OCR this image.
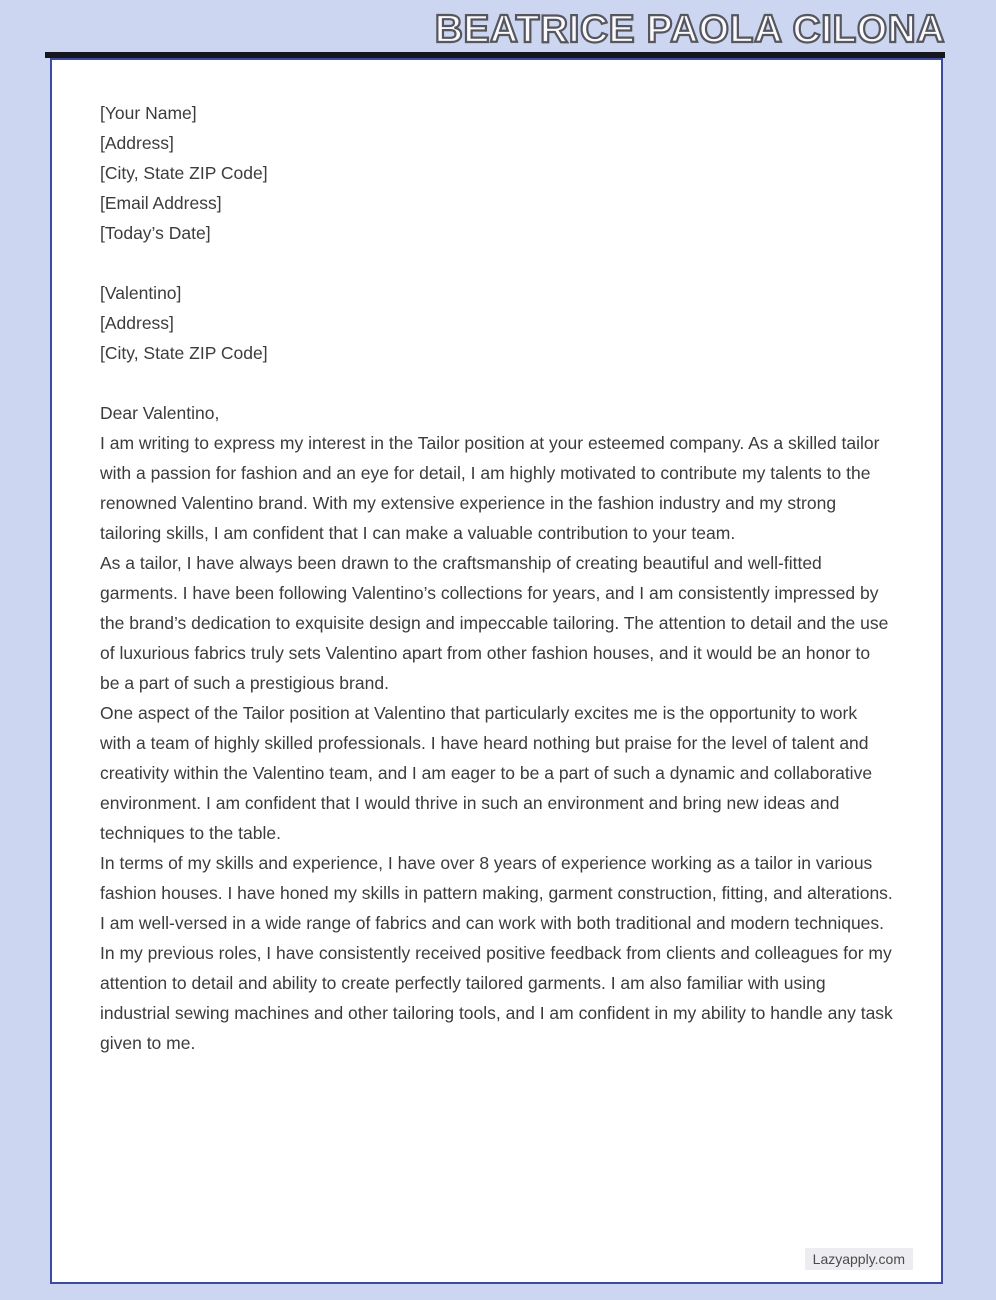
BEATRICE PAOLA CILONA

[Your Name]

[Address]

[City, State ZIP Code]

[Email Address]

[Today’s Date]

[Valentino]

[Address]

[City, State ZIP Code]

Dear Valentino,

I am writing to express my interest in the Tailor position at your esteemed company. As a skilled tailor with a passion for fashion and an eye for detail, I am highly motivated to contribute my talents to the renowned Valentino brand. With my extensive experience in the fashion industry and my strong tailoring skills, I am confident that I can make a valuable contribution to your team.

As a tailor, I have always been drawn to the craftsmanship of creating beautiful and well-fitted garments. I have been following Valentino’s collections for years, and I am consistently impressed by the brand’s dedication to exquisite design and impeccable tailoring. The attention to detail and the use of luxurious fabrics truly sets Valentino apart from other fashion houses, and it would be an honor to be a part of such a prestigious brand.

One aspect of the Tailor position at Valentino that particularly excites me is the opportunity to work with a team of highly skilled professionals. I have heard nothing but praise for the level of talent and creativity within the Valentino team, and I am eager to be a part of such a dynamic and collaborative environment. I am confident that I would thrive in such an environment and bring new ideas and techniques to the table.

In terms of my skills and experience, I have over 8 years of experience working as a tailor in various fashion houses. I have honed my skills in pattern making, garment construction, fitting, and alterations. I am well-versed in a wide range of fabrics and can work with both traditional and modern techniques. In my previous roles, I have consistently received positive feedback from clients and colleagues for my attention to detail and ability to create perfectly tailored garments. I am also familiar with using industrial sewing machines and other tailoring tools, and I am confident in my ability to handle any task given to me.

Lazyapply.com
